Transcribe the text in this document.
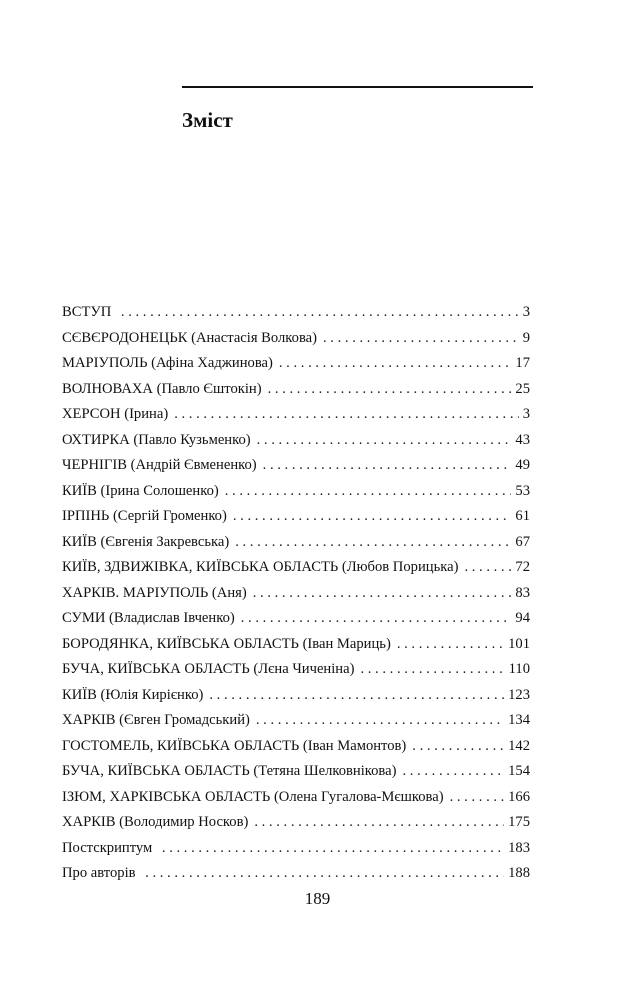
Зміст
ВСТУП . . .	3
СЄВЄРОДОНЕЦЬК (Анастасія Волкова) . . .	9
МАРІУПОЛЬ (Афіна Хаджинова) . . .	17
ВОЛНОВАХА (Павло Єштокін) . . .	25
ХЕРСОН (Ірина) . . .	3
ОХТИРКА (Павло Кузьменко) . . .	43
ЧЕРНІГІВ (Андрій Євмененко) . . .	49
КИЇВ (Ірина Солошенко) . . .	53
ІРПІНЬ (Сергій Громенко) . . .	61
КИЇВ (Євгенія Закревська) . . .	67
КИЇВ, ЗДВИЖІВКА, КИЇВСЬКА ОБЛАСТЬ (Любов Порицька) . . .	72
ХАРКІВ. МАРІУПОЛЬ (Аня) . . .	83
СУМИ (Владислав Івченко) . . .	94
БОРОДЯНКА, КИЇВСЬКА ОБЛАСТЬ (Іван Мариць) . . .	101
БУЧА, КИЇВСЬКА ОБЛАСТЬ (Лєна Чиченіна) . . .	110
КИЇВ (Юлія Кирієнко) . . .	123
ХАРКІВ (Євген Громадський) . . .	134
ГОСТОМЕЛЬ, КИЇВСЬКА ОБЛАСТЬ (Іван Мамонтов) . . .	142
БУЧА, КИЇВСЬКА ОБЛАСТЬ (Тетяна Шелковнікова) . . .	154
ІЗЮМ, ХАРКІВСЬКА ОБЛАСТЬ (Олена Гугалова-Мєшкова) . . .	166
ХАРКІВ (Володимир Носков) . . .	175
Постскриптум . . .	183
Про авторів . . .	188

189
